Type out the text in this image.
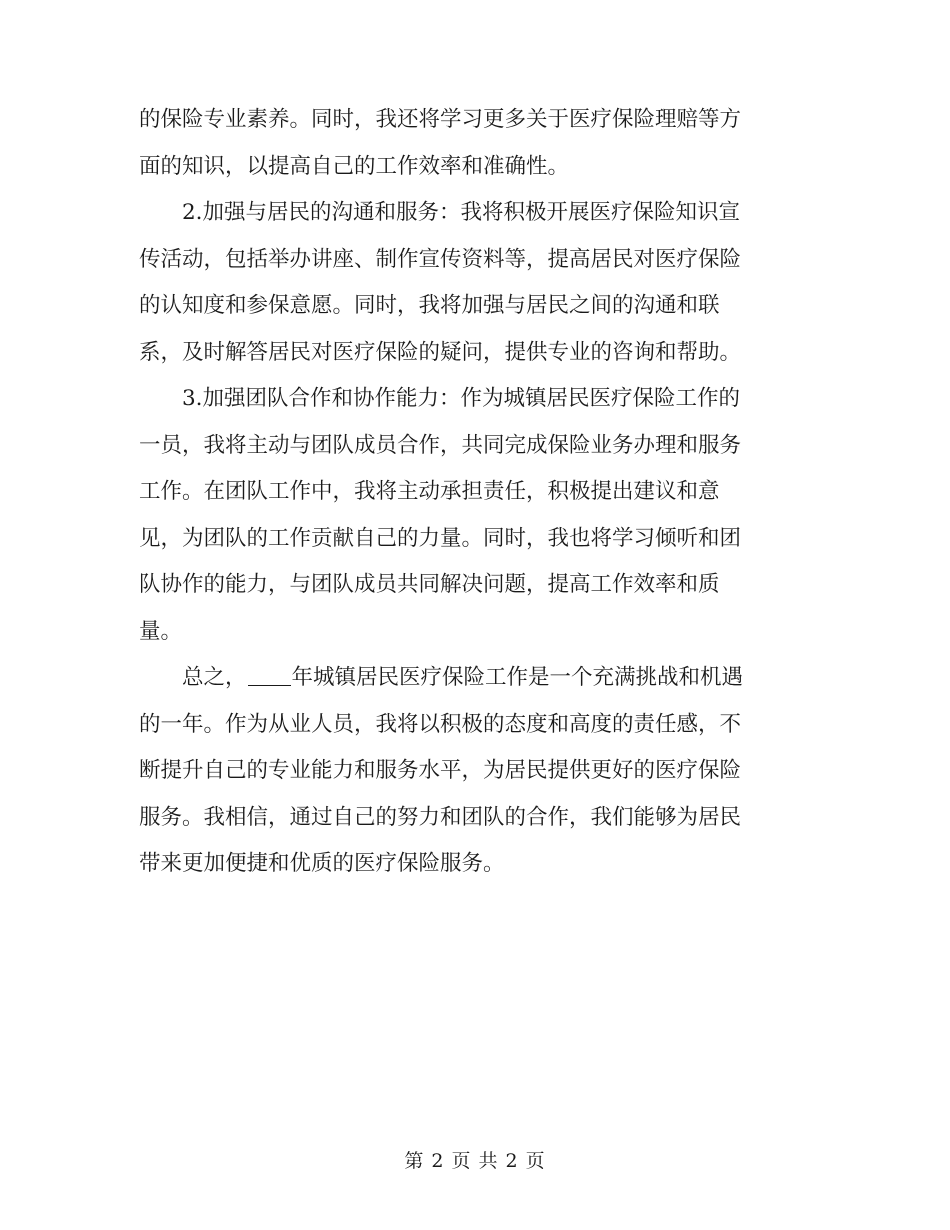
的保险专业素养。同时，我还将学习更多关于医疗保险理赔等方
面的知识，以提高自己的工作效率和准确性。
2.加强与居民的沟通和服务：我将积极开展医疗保险知识宣
传活动，包括举办讲座、制作宣传资料等，提高居民对医疗保险
的认知度和参保意愿。同时，我将加强与居民之间的沟通和联
系，及时解答居民对医疗保险的疑问，提供专业的咨询和帮助。
3.加强团队合作和协作能力：作为城镇居民医疗保险工作的
一员，我将主动与团队成员合作，共同完成保险业务办理和服务
工作。在团队工作中，我将主动承担责任，积极提出建议和意
见，为团队的工作贡献自己的力量。同时，我也将学习倾听和团
队协作的能力，与团队成员共同解决问题，提高工作效率和质
量。
总之， 年城镇居民医疗保险工作是一个充满挑战和机遇
的一年。作为从业人员，我将以积极的态度和高度的责任感，不
断提升自己的专业能力和服务水平，为居民提供更好的医疗保险
服务。我相信，通过自己的努力和团队的合作，我们能够为居民
带来更加便捷和优质的医疗保险服务。
第 2 页 共 2 页
